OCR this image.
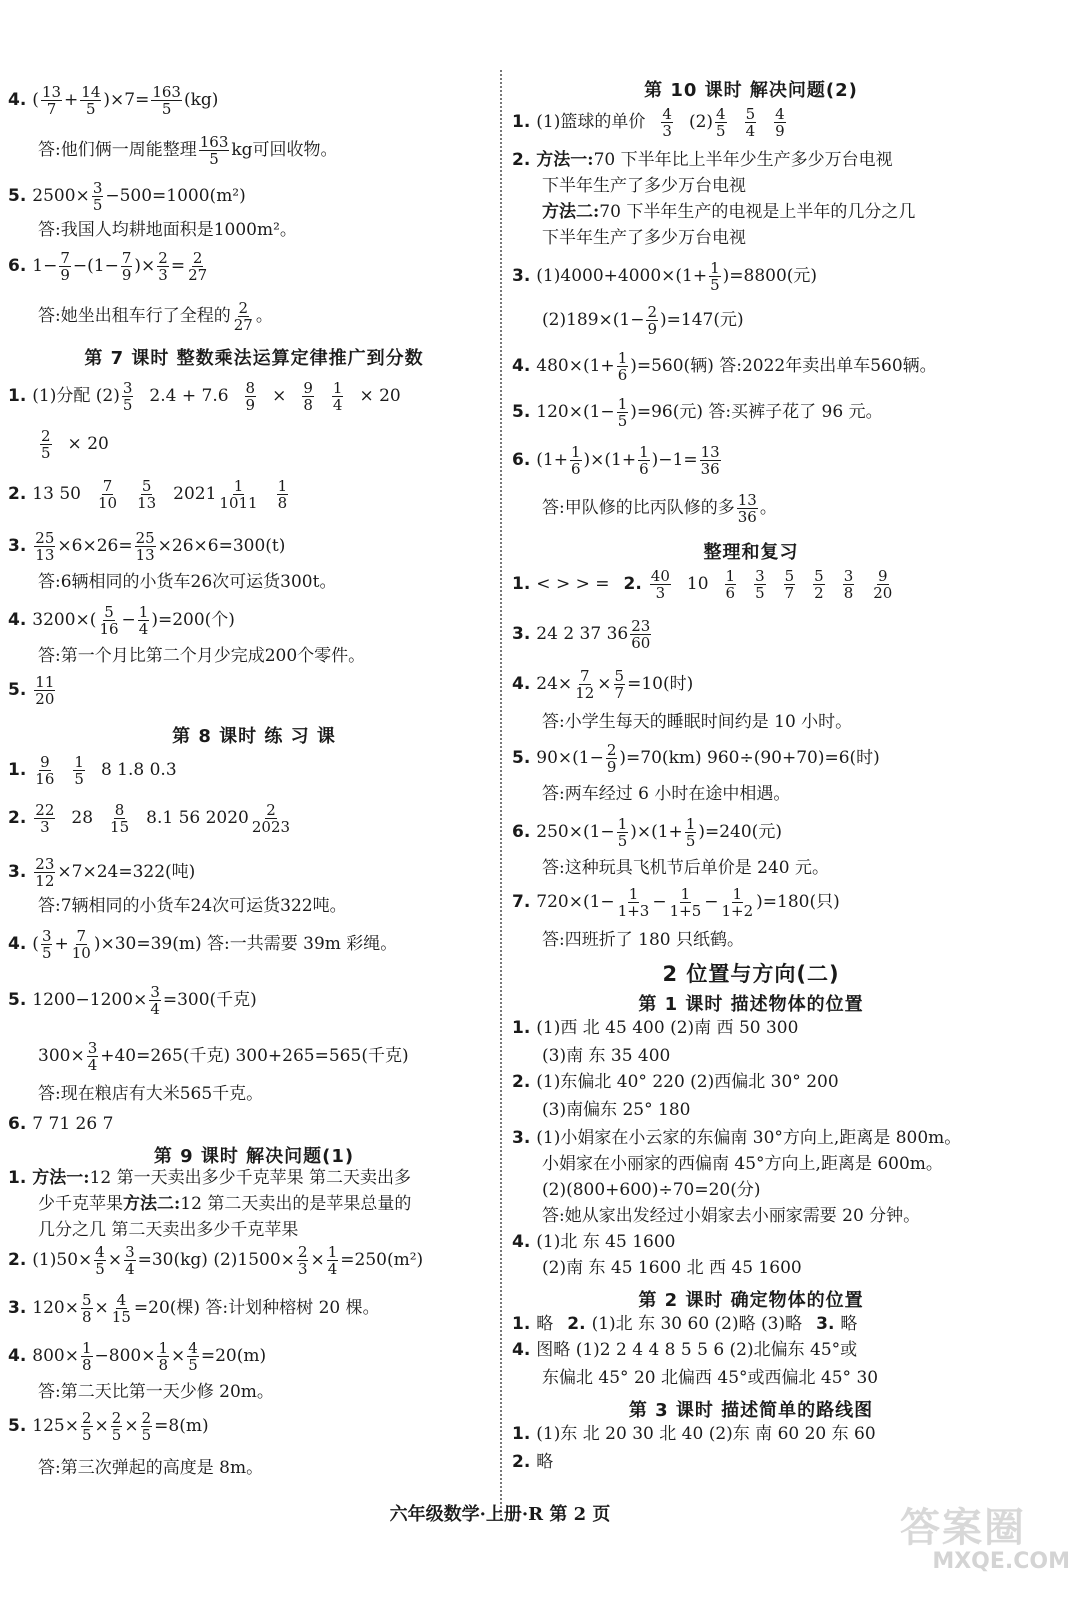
4. ( 13
$7 + \frac{14}{5} )\times 7= \frac{163}{5} (kg)$
答:他们俩一周能整理 163
5 kg可回收物。
5. $2500\times \frac{3}{5} -500=1000(m^2)$
答:我国人均耕地面积是1000m²。
6. $1- \frac{7}{9} -(1- \frac{7}{9}$ )× $\frac{2}{3} = \frac{2}{27}$
答:她坐出租车行了全程的 2
27 。
第 7 课时 整数乘法运算定律推广到分数
1. (1)分配 (2) 3
5 2.4 + 7.6 8
9 × 9
8
1
4 × 20
2
5 × 20
2. 13 50 7
10
5
13 2021 1
1011
1
8
3. $\frac{25}{13} \times 6\times 26= \frac{25}{13} \times 26\times 6=300(t)$
答:6辆相同的小货车26次可运货300t。
4. 3200×( 5
$16 - \frac{1}{4} )=200$(个)
答:第一个月比第二个月少完成200个零件。
5. 11
20
第 8 课时 练 习 课
1. 9
16
1
5 8 1.8 0.3
2. 22
3 28 8
15 8.1 56 2020 2
2023
3. $\frac{23}{12} \times 7\times 24=322$(吨)
答:7辆相同的小货车24次可运货322吨。
4. ( 3
$5 + \frac{7}{10} )\times 30=39(m)$ 答:一共需要 39m 彩绳。
5. $1200-1200\times \frac{3}{4} =300$(千克)
$300\times \frac{3}{4} +40=265$(千克) 300+265=565(千克)
答:现在粮店有大米565千克。
6. 7 71 26 7
第 9 课时 解决问题(1)
1. 方法一: 12 第一天卖出多少千克苹果 第二天卖出多
少千克苹果 方法二: 12 第二天卖出的是苹果总量的
几分之几 第二天卖出多少千克苹果
2. $(1)50\times \frac{4}{5} \times \frac{3}{4} =30(kg)$ $(2)1500\times \frac{2}{3} \times \frac{1}{4} =250(m^2)$
3. $120\times \frac{5}{8} \times \frac{4}{15} =20$(棵) 答:计划种榕树 20 棵。
4. $800\times \frac{1}{8} -800\times \frac{1}{8} \times \frac{4}{5} =20(m)$
答:第二天比第一天少修 20m。
5. $125\times \frac{2}{5} \times \frac{2}{5} \times \frac{2}{5} =8(m)$
答:第三次弹起的高度是 8m。
第 10 课时 解决问题(2)
1. (1)篮球的单价 4
3 (2) 4
5
5
4
4
9
2. 方法一: 70 下半年比上半年少生产多少万台电视
下半年生产了多少万台电视
方法二: 70 下半年生产的电视是上半年的几分之几
下半年生产了多少万台电视
3. $(1)4000+4000\times(1+ \frac{1}{5} )=8800$(元)
$(2)189\times(1- \frac{2}{9} )=147$(元)
4. $480\times(1+ \frac{1}{6} )=560$(辆) 答:2022年卖出单车560辆。
5. $120\times(1- \frac{1}{5} )=96$(元) 答:买裤子花了 96 元。
6. $(1+ \frac{1}{6} )\times(1+ \frac{1}{6} )-1= \frac{13}{36}$
答:甲队修的比丙队修的多 13
36 。
整理和复习
1. < > > = 2. 40
3 10 1
6
3
5
5
7
5
2
3
8
9
20
3. 24 2 37 36 23
60
4. $24\times \frac{7}{12} \times \frac{5}{7} =10$(时)
答:小学生每天的睡眠时间约是 10 小时。
5. $90\times(1- \frac{2}{9} )=70(km)$ 960÷(90+70)=6(时)
答:两车经过 6 小时在途中相遇。
6. $250\times(1- \frac{1}{5} )\times(1+ \frac{1}{5} )=240$(元)
答:这种玩具飞机节后单价是 240 元。
7. $720\times(1- \frac{1}{1+3} - \frac{1}{1+5} - \frac{1}{1+2} )=180$(只)
答:四班折了 180 只纸鹤。
2 位置与方向(二)
第 1 课时 描述物体的位置
1. (1)西 北 45 400 (2)南 西 50 300
(3)南 东 35 400
2. (1)东偏北 40° 220 (2)西偏北 30° 200
(3)南偏东 25° 180
3. (1)小娟家在小云家的东偏南 30°方向上,距离是 800m。
小娟家在小丽家的西偏南 45°方向上,距离是 600m。
(2)(800+600)÷70=20(分)
答:她从家出发经过小娟家去小丽家需要 20 分钟。
4. (1)北 东 45 1600
(2)南 东 45 1600 北 西 45 1600
第 2 课时 确定物体的位置
1. 略 2. (1)北 东 30 60 (2)略 (3)略 3. 略
4. 图略 (1)2 2 4 4 8 5 5 6 (2)北偏东 45°或
东偏北 45° 20 北偏西 45°或西偏北 45° 30
第 3 课时 描述简单的路线图
1. (1)东 北 20 30 北 40 (2)东 南 60 20 东 60
2. 略
六年级数学·上册·R 第 2 页	答案圈
MXQE.COM
